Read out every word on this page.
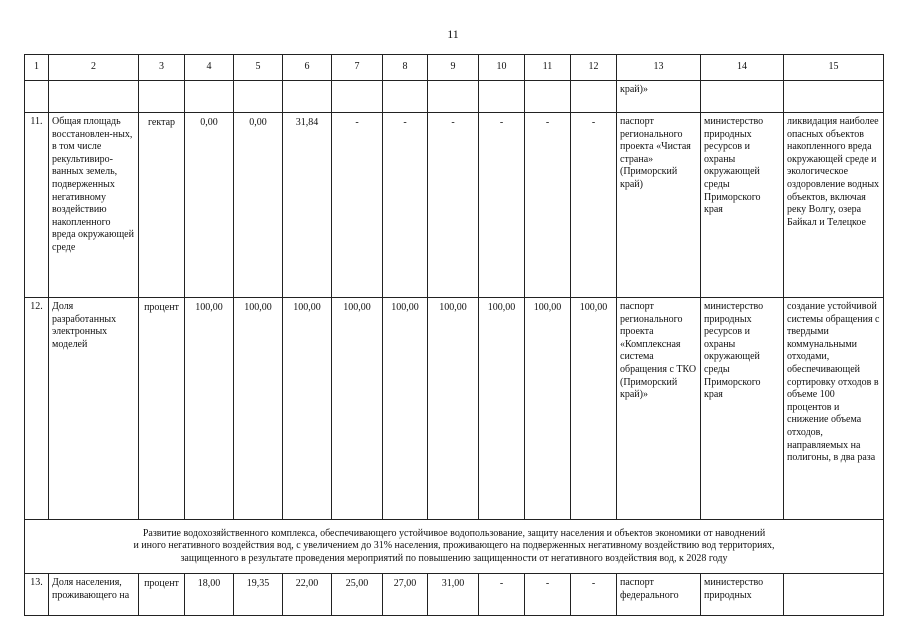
11
1	2	3	4	5	6	7	8	9	10	11	12	13	14	15
												край)»		
11.	Общая площадь восстановлен-ных, в том числе рекультивиро-ванных земель, подверженных негативному воздействию накопленного вреда окружающей среде	гектар	0,00	0,00	31,84	-	-	-	-	-	-	паспорт регионального проекта «Чистая страна» (Приморский край)	министерство природных ресурсов и охраны окружающей среды Приморского края	ликвидация наиболее опасных объектов накопленного вреда окружающей среде и экологическое оздоровление водных объектов, включая реку Волгу, озера Байкал и Телецкое
12.	Доля разработанных электронных моделей	процент	100,00	100,00	100,00	100,00	100,00	100,00	100,00	100,00	100,00	паспорт регионального проекта «Комплексная система обращения с ТКО (Приморский край)»	министерство природных ресурсов и охраны окружающей среды Приморского края	создание устойчивой системы обращения с твердыми коммунальными отходами, обеспечивающей сортировку отходов в объеме 100 процентов и снижение объема отходов, направляемых на полигоны, в два раза
Развитие водохозяйственного комплекса, обеспечивающего устойчивое водопользование, защиту населения и объектов экономики от наводнений
и иного негативного воздействия вод, с увеличением до 31% населения, проживающего на подверженных негативному воздействию вод территориях,
защищенного в результате проведения мероприятий по повышению защищенности от негативного воздействия вод, к 2028 году														
13.	Доля населения, проживающего на	процент	18,00	19,35	22,00	25,00	27,00	31,00	-	-	-	паспорт федерального	министерство природных	
